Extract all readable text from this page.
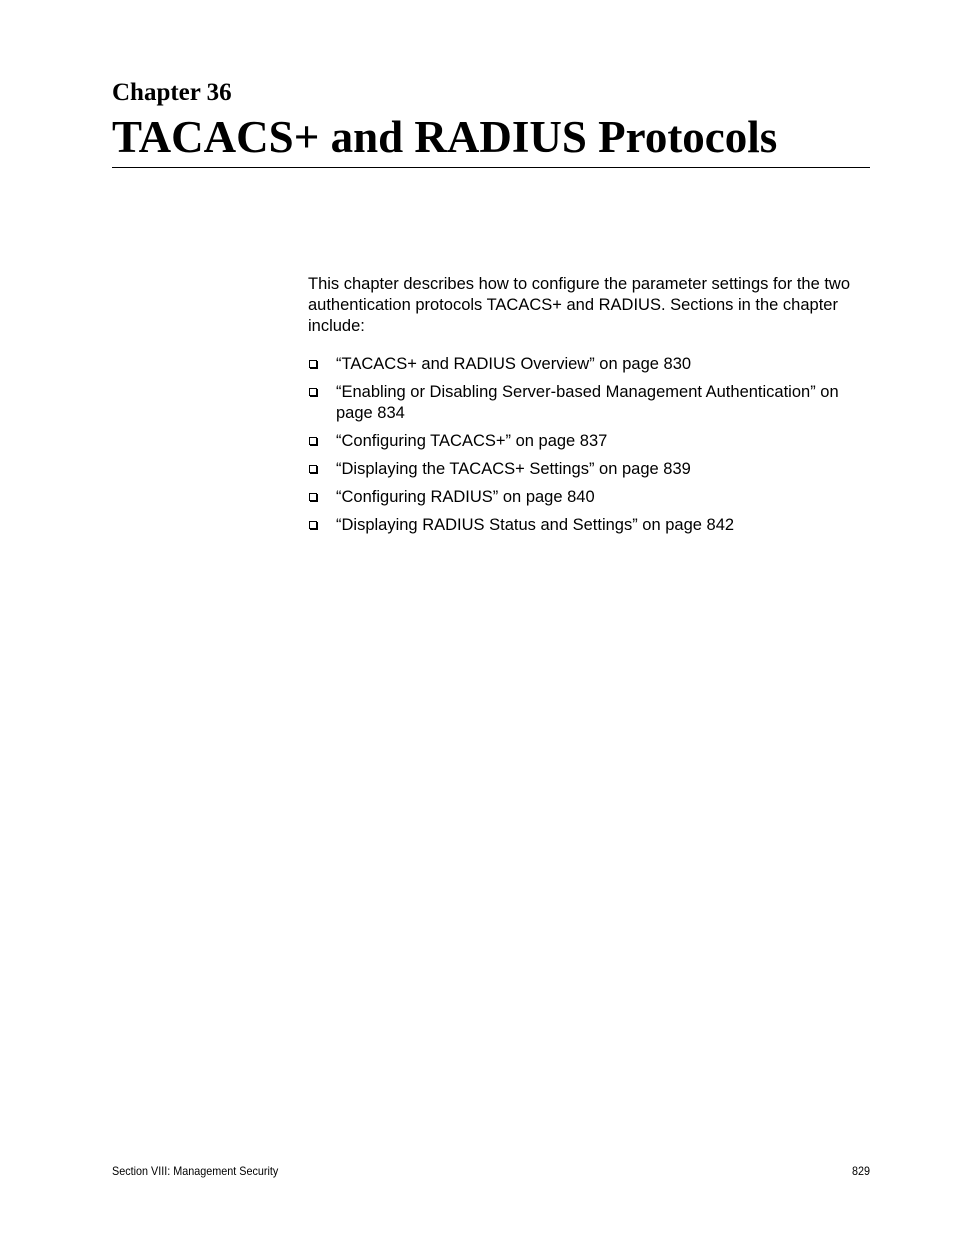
Chapter 36
TACACS+ and RADIUS Protocols

This chapter describes how to configure the parameter settings for the two authentication protocols TACACS+ and RADIUS. Sections in the chapter include:

“TACACS+ and RADIUS Overview” on page 830
“Enabling or Disabling Server-based Management Authentication” on page 834
“Configuring TACACS+” on page 837
“Displaying the TACACS+ Settings” on page 839
“Configuring RADIUS” on page 840
“Displaying RADIUS Status and Settings” on page 842
Section VIII: Management Security	829
